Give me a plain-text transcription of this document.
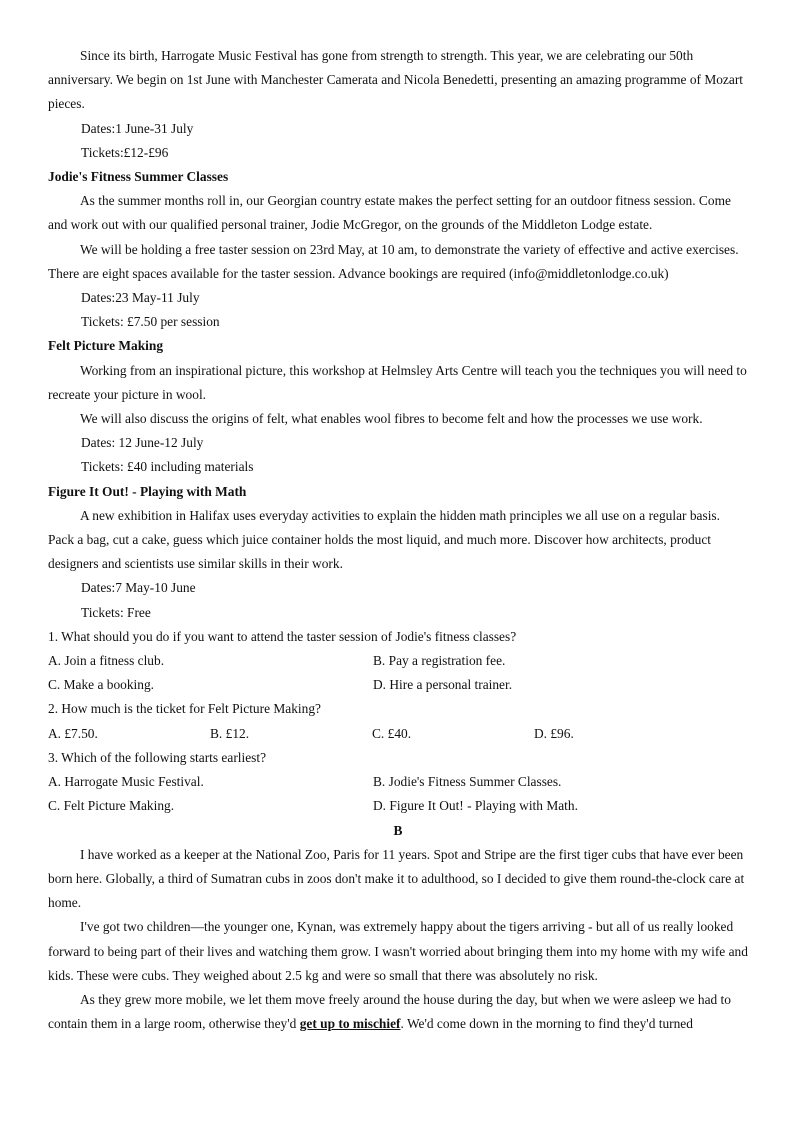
Since its birth, Harrogate Music Festival has gone from strength to strength. This year, we are celebrating our 50th anniversary. We begin on 1st June with Manchester Camerata and Nicola Benedetti, presenting an amazing programme of Mozart pieces.

Dates:1 June-31 July

Tickets:£12-£96

Jodie's Fitness Summer Classes

As the summer months roll in, our Georgian country estate makes the perfect setting for an outdoor fitness session. Come and work out with our qualified personal trainer, Jodie McGregor, on the grounds of the Middleton Lodge estate.

We will be holding a free taster session on 23rd May, at 10 am, to demonstrate the variety of effective and active exercises. There are eight spaces available for the taster session. Advance bookings are required (info@middletonlodge.co.uk)

Dates:23 May-11 July

Tickets: £7.50 per session

Felt Picture Making

Working from an inspirational picture, this workshop at Helmsley Arts Centre will teach you the techniques you will need to recreate your picture in wool.

We will also discuss the origins of felt, what enables wool fibres to become felt and how the processes we use work.

Dates: 12 June-12 July

Tickets: £40 including materials

Figure It Out! - Playing with Math

A new exhibition in Halifax uses everyday activities to explain the hidden math principles we all use on a regular basis. Pack a bag, cut a cake, guess which juice container holds the most liquid, and much more. Discover how architects, product designers and scientists use similar skills in their work.

Dates:7 May-10 June

Tickets: Free

1. What should you do if you want to attend the taster session of Jodie's fitness classes?

A. Join a fitness club.	B. Pay a registration fee.
C. Make a booking.	D. Hire a personal trainer.

2. How much is the ticket for Felt Picture Making?

A. £7.50.	B. £12.	C. £40.	D. £96.

3. Which of the following starts earliest?

A. Harrogate Music Festival.	B. Jodie's Fitness Summer Classes.
C. Felt Picture Making.	D. Figure It Out! - Playing with Math.

B

I have worked as a keeper at the National Zoo, Paris for 11 years. Spot and Stripe are the first tiger cubs that have ever been born here. Globally, a third of Sumatran cubs in zoos don't make it to adulthood, so I decided to give them round-the-clock care at home.

I've got two children—the younger one, Kynan, was extremely happy about the tigers arriving - but all of us really looked forward to being part of their lives and watching them grow. I wasn't worried about bringing them into my home with my wife and kids. These were cubs. They weighed about 2.5 kg and were so small that there was absolutely no risk.

As they grew more mobile, we let them move freely around the house during the day, but when we were asleep we had to contain them in a large room, otherwise they'd get up to mischief. We'd come down in the morning to find they'd turned
